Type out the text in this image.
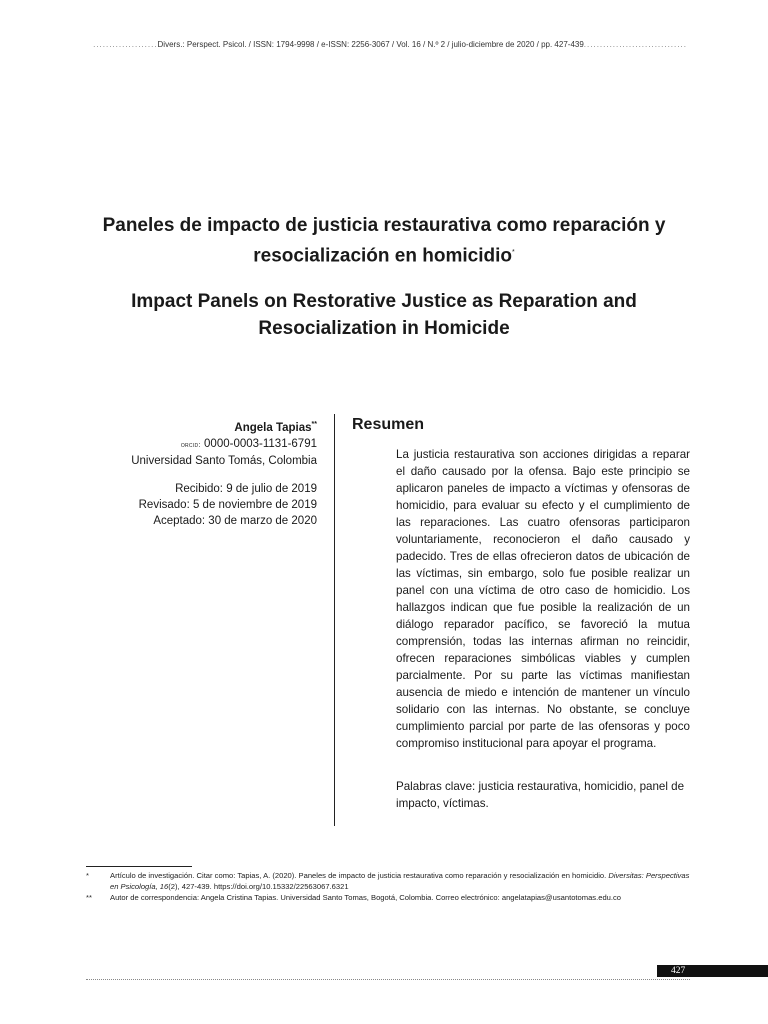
....................Divers.: Perspect. Psicol. / ISSN: 1794-9998 / e-ISSN: 2256-3067 / Vol. 16 / N.º 2 / julio-diciembre de 2020 / pp. 427-439................................
Paneles de impacto de justicia restaurativa como reparación y
resocialización en homicidio*
Impact Panels on Restorative Justice as Reparation and
Resocialization in Homicide
Angela Tapias**
orcid: 0000-0003-1131-6791
Universidad Santo Tomás, Colombia
Recibido: 9 de julio de 2019
Revisado: 5 de noviembre de 2019
Aceptado: 30 de marzo de 2020
Resumen
La justicia restaurativa son acciones dirigidas a reparar el daño causado por la ofensa. Bajo este principio se aplicaron paneles de impacto a víctimas y ofensoras de homicidio, para evaluar su efecto y el cumplimiento de las reparaciones. Las cuatro ofensoras participaron voluntariamente, reconocieron el daño causado y padecido. Tres de ellas ofrecieron datos de ubicación de las víctimas, sin embargo, solo fue posible realizar un panel con una víctima de otro caso de homicidio. Los hallazgos indican que fue posible la realización de un diálogo reparador pacífico, se favoreció la mutua comprensión, todas las internas afirman no reincidir, ofrecen reparaciones simbólicas viables y cumplen parcialmente. Por su parte las víctimas manifiestan ausencia de miedo e intención de mantener un vínculo solidario con las internas. No obstante, se concluye cumplimiento parcial por parte de las ofensoras y poco compromiso institucional para apoyar el programa.
Palabras clave: justicia restaurativa, homicidio, panel de impacto, víctimas.
*	Artículo de investigación. Citar como: Tapias, A. (2020). Paneles de impacto de justicia restaurativa como reparación y resocialización en homicidio. Diversitas: Perspectivas en Psicología, 16(2), 427-439. https://doi.org/10.15332/22563067.6321
**	Autor de correspondencia: Angela Cristina Tapias. Universidad Santo Tomas, Bogotá, Colombia. Correo electrónico: angelatapias@usantotomas.edu.co
427
